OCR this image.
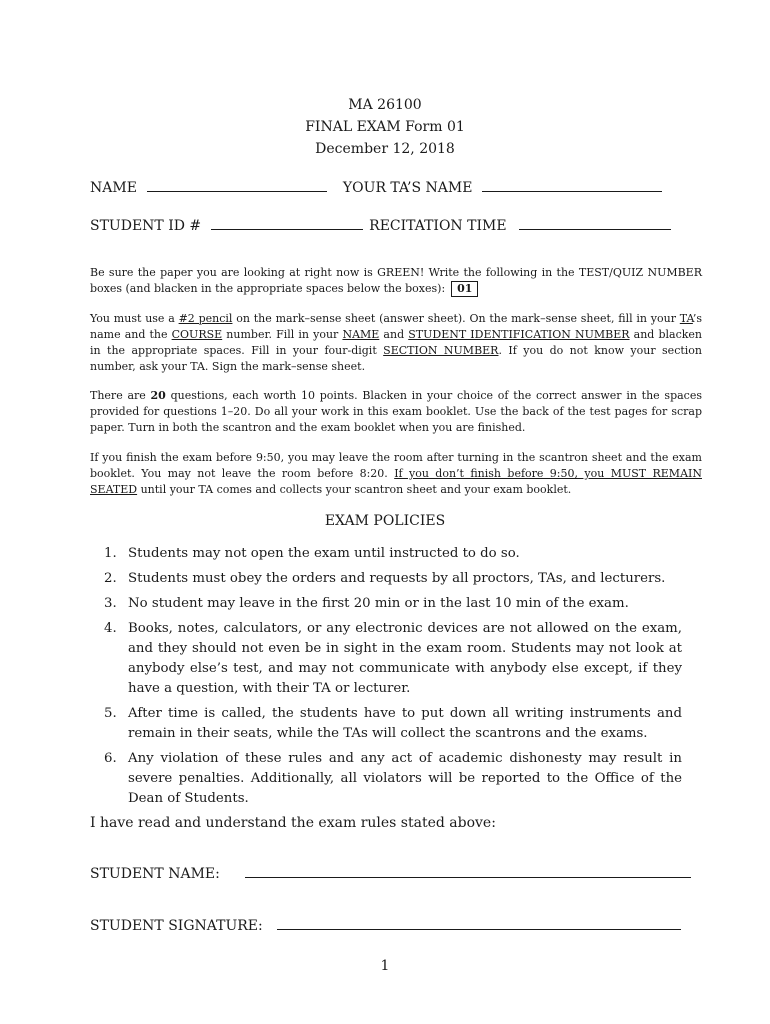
MA 26100
FINAL EXAM Form 01
December 12, 2018
NAME	YOUR TA’S NAME
STUDENT ID #	RECITATION TIME
Be sure the paper you are looking at right now is GREEN! Write the following in the TEST/QUIZ NUMBER boxes (and blacken in the appropriate spaces below the boxes): 01
You must use a #2 pencil on the mark–sense sheet (answer sheet). On the mark–sense sheet, fill in your TA’s name and the COURSE number. Fill in your NAME and STUDENT IDENTIFICATION NUMBER and blacken in the appropriate spaces. Fill in your four-digit SECTION NUMBER. If you do not know your section number, ask your TA. Sign the mark–sense sheet.
There are 20 questions, each worth 10 points. Blacken in your choice of the correct answer in the spaces provided for questions 1–20. Do all your work in this exam booklet. Use the back of the test pages for scrap paper. Turn in both the scantron and the exam booklet when you are finished.
If you finish the exam before 9:50, you may leave the room after turning in the scantron sheet and the exam booklet. You may not leave the room before 8:20. If you don’t finish before 9:50, you MUST REMAIN SEATED until your TA comes and collects your scantron sheet and your exam booklet.
EXAM POLICIES
1. Students may not open the exam until instructed to do so.
2. Students must obey the orders and requests by all proctors, TAs, and lecturers.
3. No student may leave in the first 20 min or in the last 10 min of the exam.
4. Books, notes, calculators, or any electronic devices are not allowed on the exam, and they should not even be in sight in the exam room. Students may not look at anybody else’s test, and may not communicate with anybody else except, if they have a question, with their TA or lecturer.
5. After time is called, the students have to put down all writing instruments and remain in their seats, while the TAs will collect the scantrons and the exams.
6. Any violation of these rules and any act of academic dishonesty may result in severe penalties. Additionally, all violators will be reported to the Office of the Dean of Students.
I have read and understand the exam rules stated above:
STUDENT NAME:
STUDENT SIGNATURE:
1
